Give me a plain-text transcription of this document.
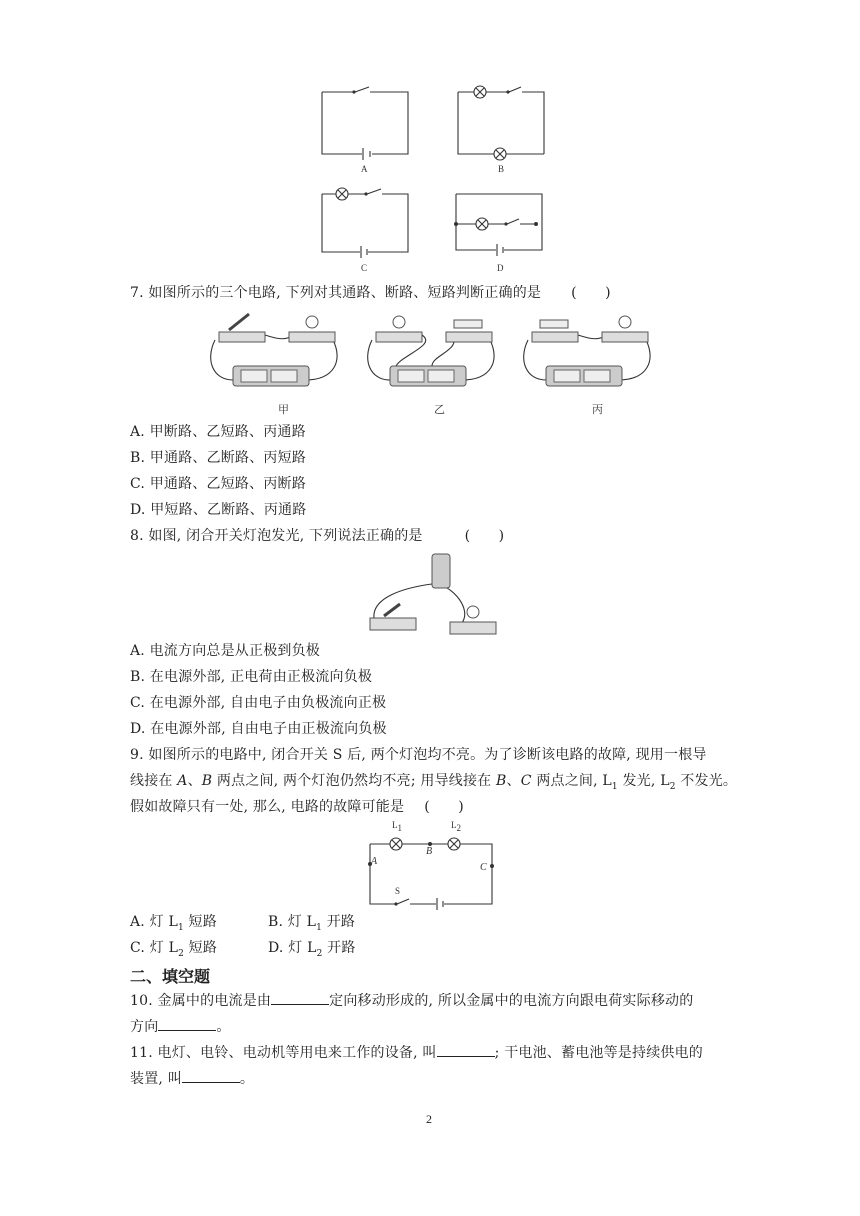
A	B
C	D
7. 如图所示的三个电路, 下列对其通路、断路、短路判断正确的是 (　　)
甲	乙	丙
A. 甲断路、乙短路、丙通路
B. 甲通路、乙断路、丙短路
C. 甲通路、乙短路、丙断路
D. 甲短路、乙断路、丙通路
8. 如图, 闭合开关灯泡发光, 下列说法正确的是	(　　)
A. 电流方向总是从正极到负极
B. 在电源外部, 正电荷由正极流向负极
C. 在电源外部, 自由电子由负极流向正极
D. 在电源外部, 自由电子由正极流向负极
9. 如图所示的电路中, 闭合开关 S 后, 两个灯泡均不亮。为了诊断该电路的故障, 现用一根导
线接在 A、B 两点之间, 两个灯泡仍然均不亮; 用导线接在 B、C 两点之间, $L_1$ 发光, $L_2$ 不发光。
假如故障只有一处, 那么, 电路的故障可能是 (　　)
$L_1$	$L_2$
A
B
C
S
A. 灯 $L_1$ 短路	B. 灯 $L_1$ 开路
C. 灯 $L_2$ 短路	D. 灯 $L_2$ 开路
二、填空题
10. 金属中的电流是由	定向移动形成的, 所以金属中的电流方向跟电荷实际移动的
方向	。
11. 电灯、电铃、电动机等用电来工作的设备, 叫	; 干电池、蓄电池等是持续供电的
装置, 叫	。
2
